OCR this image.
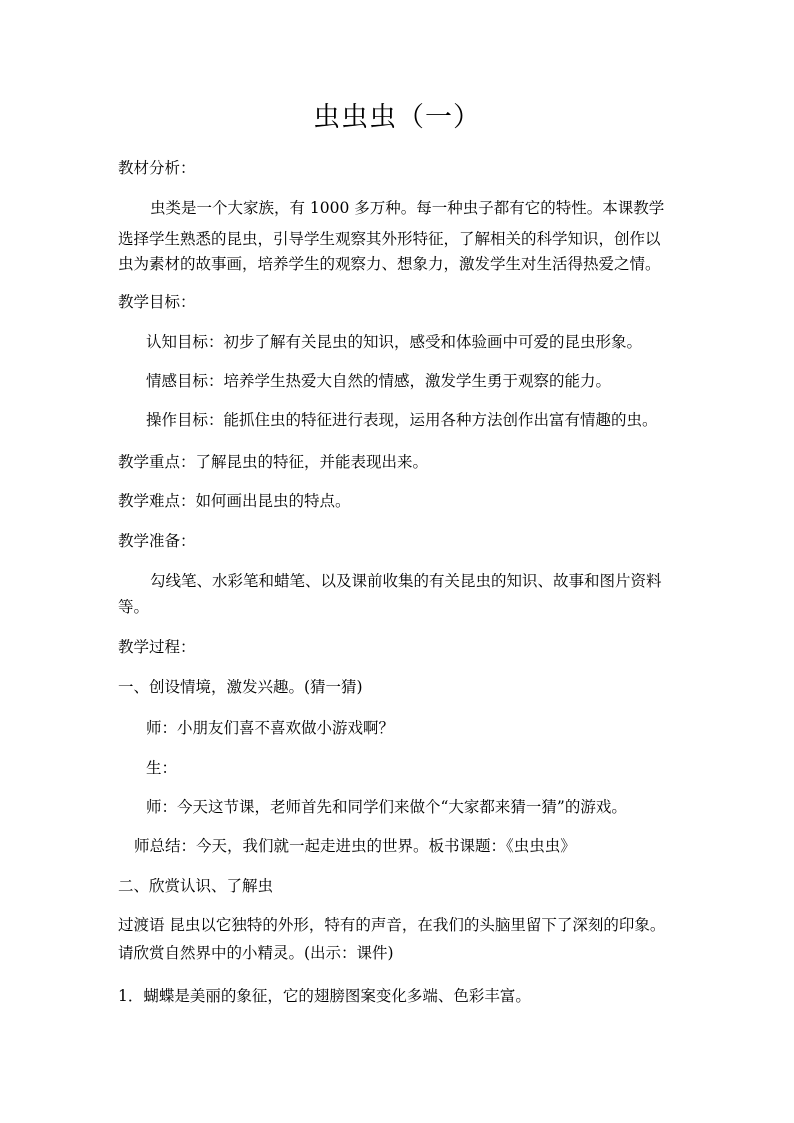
虫虫虫（一）
教材分析：
虫类是一个大家族，有 1000 多万种。每一种虫子都有它的特性。本课教学
选择学生熟悉的昆虫，引导学生观察其外形特征，了解相关的科学知识，创作以
虫为素材的故事画，培养学生的观察力、想象力，激发学生对生活得热爱之情。
教学目标：
认知目标：初步了解有关昆虫的知识，感受和体验画中可爱的昆虫形象。
情感目标：培养学生热爱大自然的情感，激发学生勇于观察的能力。
操作目标：能抓住虫的特征进行表现，运用各种方法创作出富有情趣的虫。
教学重点：了解昆虫的特征，并能表现出来。
教学难点：如何画出昆虫的特点。
教学准备：
勾线笔、水彩笔和蜡笔、以及课前收集的有关昆虫的知识、故事和图片资料
等。
教学过程：
一、创设情境，激发兴趣。(猜一猜)
师：小朋友们喜不喜欢做小游戏啊？
生：
师：今天这节课，老师首先和同学们来做个“大家都来猜一猜”的游戏。
师总结：今天，我们就一起走进虫的世界。板书课题：《虫虫虫》
二、欣赏认识、了解虫
过渡语 昆虫以它独特的外形，特有的声音，在我们的头脑里留下了深刻的印象。
请欣赏自然界中的小精灵。(出示：课件)
1．蝴蝶是美丽的象征，它的翅膀图案变化多端、色彩丰富。
